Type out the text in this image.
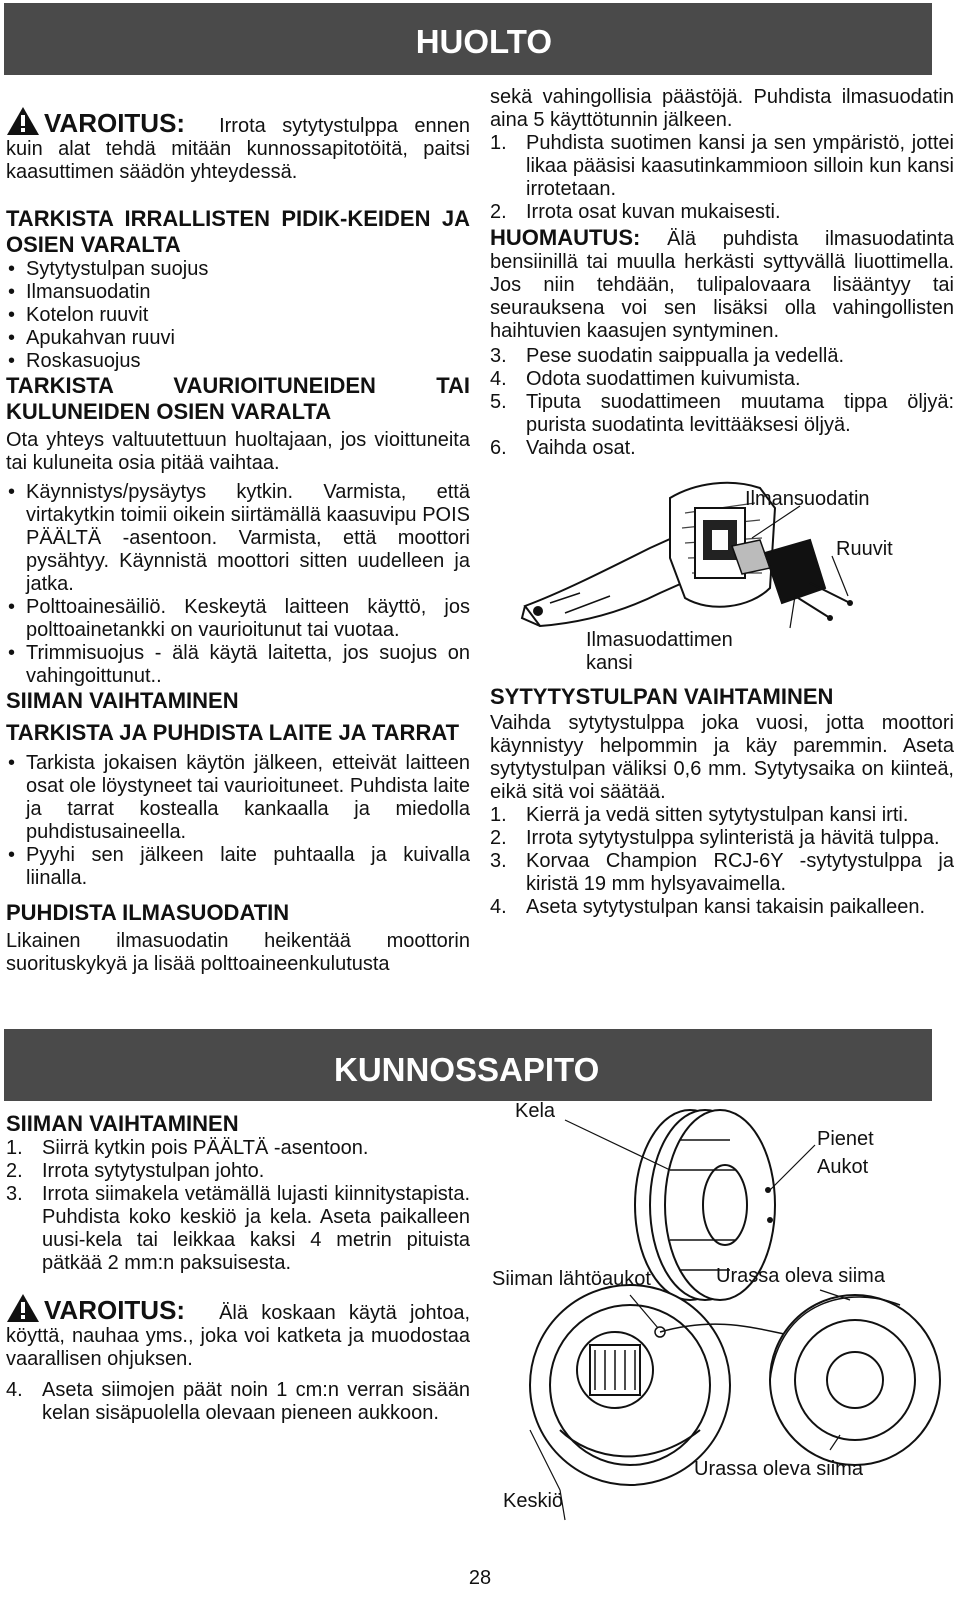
HUOLTO

VAROITUS: Irrota sytytystulppa ennen kuin alat tehdä mitään kunnossapitotöitä, paitsi kaasuttimen säädön yhteydessä.

TARKISTA IRRALLISTEN PIDIK-KEIDEN JA OSIEN VARALTA

• Sytytystulpan suojus
• Ilmansuodatin
• Kotelon ruuvit
• Apukahvan ruuvi
• Roskasuojus

TARKISTA VAURIOITUNEIDEN TAI KULUNEIDEN OSIEN VARALTA

Ota yhteys valtuutettuun huoltajaan, jos vioittuneita tai kuluneita osia pitää vaihtaa.

• Käynnistys/pysäytys kytkin. Varmista, että virtakytkin toimii oikein siirtämällä kaasuvipu POIS PÄÄLTÄ -asentoon. Varmista, että moottori pysähtyy. Käynnistä moottori sitten uudelleen ja jatka.
• Polttoainesäiliö. Keskeytä laitteen käyttö, jos polttoainetankki on vaurioitunut tai vuotaa.
• Trimmisuojus - älä käytä laitetta, jos suojus on vahingoittunut..

SIIMAN VAIHTAMINEN

TARKISTA JA PUHDISTA LAITE JA TARRAT

• Tarkista jokaisen käytön jälkeen, etteivät laitteen osat ole löystyneet tai vaurioituneet. Puhdista laite ja tarrat kostealla kankaalla ja miedolla puhdistusaineella.
• Pyyhi sen jälkeen laite puhtaalla ja kuivalla liinalla.

PUHDISTA ILMASUODATIN

Likainen ilmasuodatin heikentää moottorin suorituskykyä ja lisää polttoaineenkulutusta

sekä vahingollisia päästöjä. Puhdista ilmasuodatin aina 5 käyttötunnin jälkeen.

1. Puhdista suotimen kansi ja sen ympäristö, jottei likaa pääsisi kaasutinkammioon silloin kun kansi irrotetaan.
2. Irrota osat kuvan mukaisesti.

HUOMAUTUS: Älä puhdista ilmasuodatinta bensiinillä tai muulla herkästi syttyvällä liuottimella. Jos niin tehdään, tulipalovaara lisääntyy tai seurauksena voi sen lisäksi olla vahingollisten haihtuvien kaasujen syntyminen.

3. Pese suodatin saippualla ja vedellä.
4. Odota suodattimen kuivumista.
5. Tiputa suodattimeen muutama tippa öljyä: purista suodatinta levittääksesi öljyä.
6. Vaihda osat.
Ilmansuodatin
Ruuvit
Ilmasuodattimen
kansi

SYTYTYSTULPAN VAIHTAMINEN

Vaihda sytytystulppa joka vuosi, jotta moottori käynnistyy helpommin ja käy paremmin. Aseta sytytystulpan väliksi 0,6 mm. Sytytysaika on kiinteä, eikä sitä voi säätää.

1. Kierrä ja vedä sitten sytytystulpan kansi irti.
2. Irrota sytytystulppa sylinteristä ja hävitä tulppa.
3. Korvaa Champion RCJ-6Y -sytytystulppa ja kiristä 19 mm hylsyavaimella.
4. Aseta sytytystulpan kansi takaisin paikalleen.
KUNNOSSAPITO

SIIMAN VAIHTAMINEN

1. Siirrä kytkin pois PÄÄLTÄ -asentoon.
2. Irrota sytytystulpan johto.
3. Irrota siimakela vetämällä lujasti kiinnitystapista. Puhdista koko keskiö ja kela. Aseta paikalleen uusi-kela tai leikkaa kaksi 4 metrin pituista pätkää 2 mm:n paksuisesta.

VAROITUS: Älä koskaan käytä johtoa, köyttä, nauhaa yms., joka voi katketa ja muodostaa vaarallisen ohjuksen.

4. Aseta siimojen päät noin 1 cm:n verran sisään kelan sisäpuolella olevaan pieneen aukkoon.
Kela
Pienet
Aukot
Siiman lähtöaukot	Urassa oleva siima
Urassa oleva siima
Keskiö
28
